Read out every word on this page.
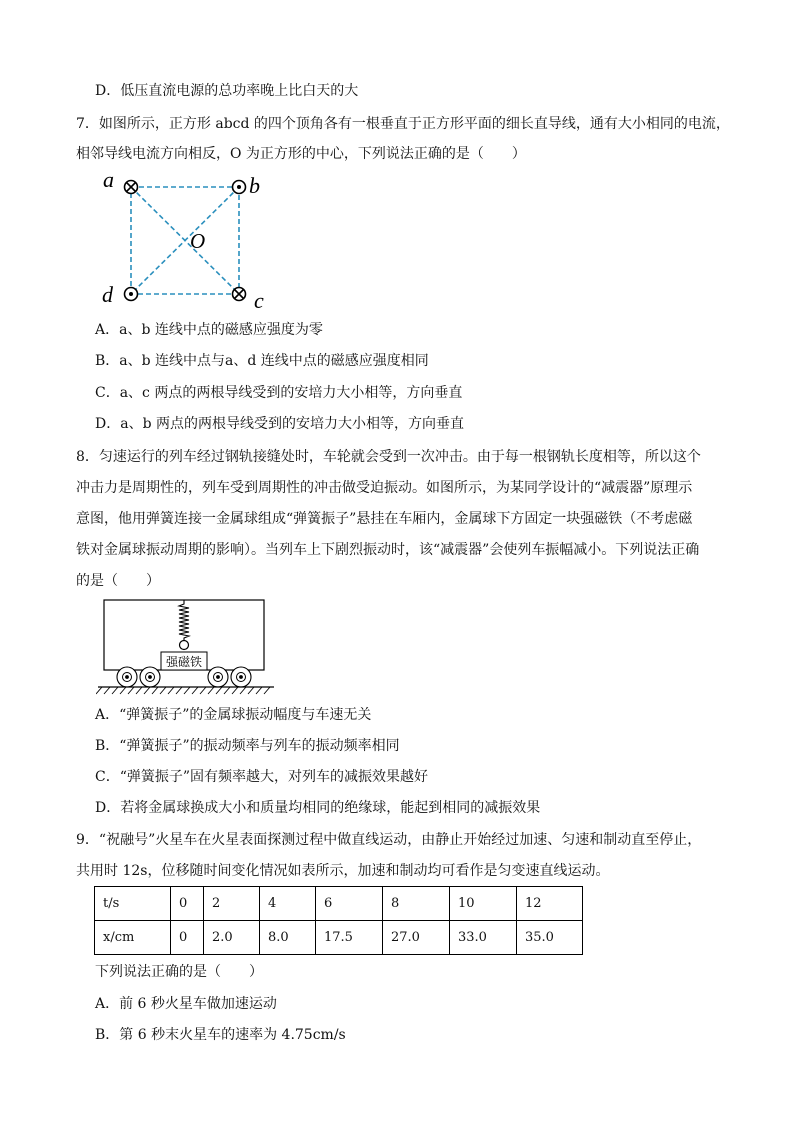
D．低压直流电源的总功率晚上比白天的大
7．如图所示，正方形 abcd 的四个顶角各有一根垂直于正方形平面的细长直导线，通有大小相同的电流，
相邻导线电流方向相反，O 为正方形的中心，下列说法正确的是（　　）
a	b
c
d
O
A．a、b 连线中点的磁感应强度为零
B．a、b 连线中点与a、d 连线中点的磁感应强度相同
C．a、c 两点的两根导线受到的安培力大小相等，方向垂直
D．a、b 两点的两根导线受到的安培力大小相等，方向垂直
8．匀速运行的列车经过钢轨接缝处时，车轮就会受到一次冲击。由于每一根钢轨长度相等，所以这个
冲击力是周期性的，列车受到周期性的冲击做受迫振动。如图所示，为某同学设计的“减震器”原理示
意图，他用弹簧连接一金属球组成“弹簧振子”悬挂在车厢内，金属球下方固定一块强磁铁（不考虑磁
铁对金属球振动周期的影响）。当列车上下剧烈振动时，该“减震器”会使列车振幅减小。下列说法正确
的是（　　）
强磁铁
A．“弹簧振子”的金属球振动幅度与车速无关
B．“弹簧振子”的振动频率与列车的振动频率相同
C．“弹簧振子”固有频率越大，对列车的减振效果越好
D．若将金属球换成大小和质量均相同的绝缘球，能起到相同的减振效果
9．“祝融号”火星车在火星表面探测过程中做直线运动，由静止开始经过加速、匀速和制动直至停止，
共用时 12s，位移随时间变化情况如表所示，加速和制动均可看作是匀变速直线运动。
t/s	0	2	4	6	8	10	12
x/cm	0	2.0	8.0	17.5	27.0	33.0	35.0
下列说法正确的是（　　）
A．前 6 秒火星车做加速运动
B．第 6 秒末火星车的速率为 4.75cm/s
